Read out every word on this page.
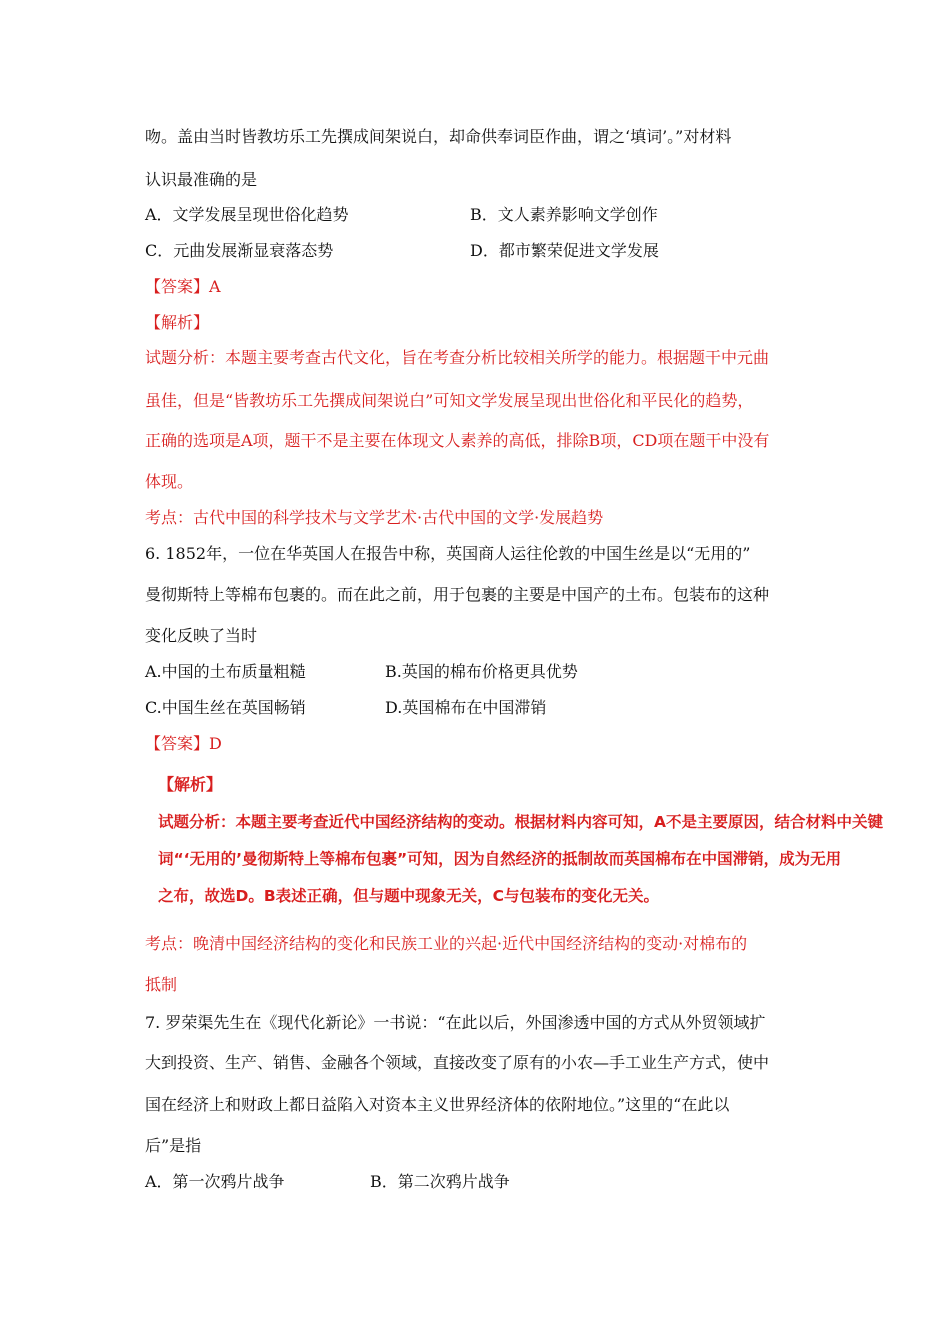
吻。盖由当时皆教坊乐工先撰成间架说白，却命供奉词臣作曲，谓之‘填词’。”对材料
认识最准确的是
A．文学发展呈现世俗化趋势	B．文人素养影响文学创作
C．元曲发展渐显衰落态势	D．都市繁荣促进文学发展
【答案】A
【解析】
试题分析：本题主要考查古代文化，旨在考查分析比较相关所学的能力。根据题干中元曲
虽佳，但是“皆教坊乐工先撰成间架说白”可知文学发展呈现出世俗化和平民化的趋势，
正确的选项是A项，题干不是主要在体现文人素养的高低，排除B项，CD项在题干中没有
体现。
考点：古代中国的科学技术与文学艺术·古代中国的文学·发展趋势
6. 1852年，一位在华英国人在报告中称，英国商人运往伦敦的中国生丝是以“无用的”
曼彻斯特上等棉布包裹的。而在此之前，用于包裹的主要是中国产的土布。包装布的这种
变化反映了当时
A.中国的土布质量粗糙	B.英国的棉布价格更具优势
C.中国生丝在英国畅销	D.英国棉布在中国滞销
【答案】D
【解析】
试题分析：本题主要考查近代中国经济结构的变动。根据材料内容可知，A不是主要原因，结合材料中关键
词“‘无用的’曼彻斯特上等棉布包裹”可知，因为自然经济的抵制故而英国棉布在中国滞销，成为无用
之布，故选D。B表述正确，但与题中现象无关，C与包装布的变化无关。
考点：晚清中国经济结构的变化和民族工业的兴起·近代中国经济结构的变动·对棉布的
抵制
7. 罗荣渠先生在《现代化新论》一书说：“在此以后，外国渗透中国的方式从外贸领域扩
大到投资、生产、销售、金融各个领域，直接改变了原有的小农—手工业生产方式，使中
国在经济上和财政上都日益陷入对资本主义世界经济体的依附地位。”这里的“在此以
后”是指
A．第一次鸦片战争	B．第二次鸦片战争
